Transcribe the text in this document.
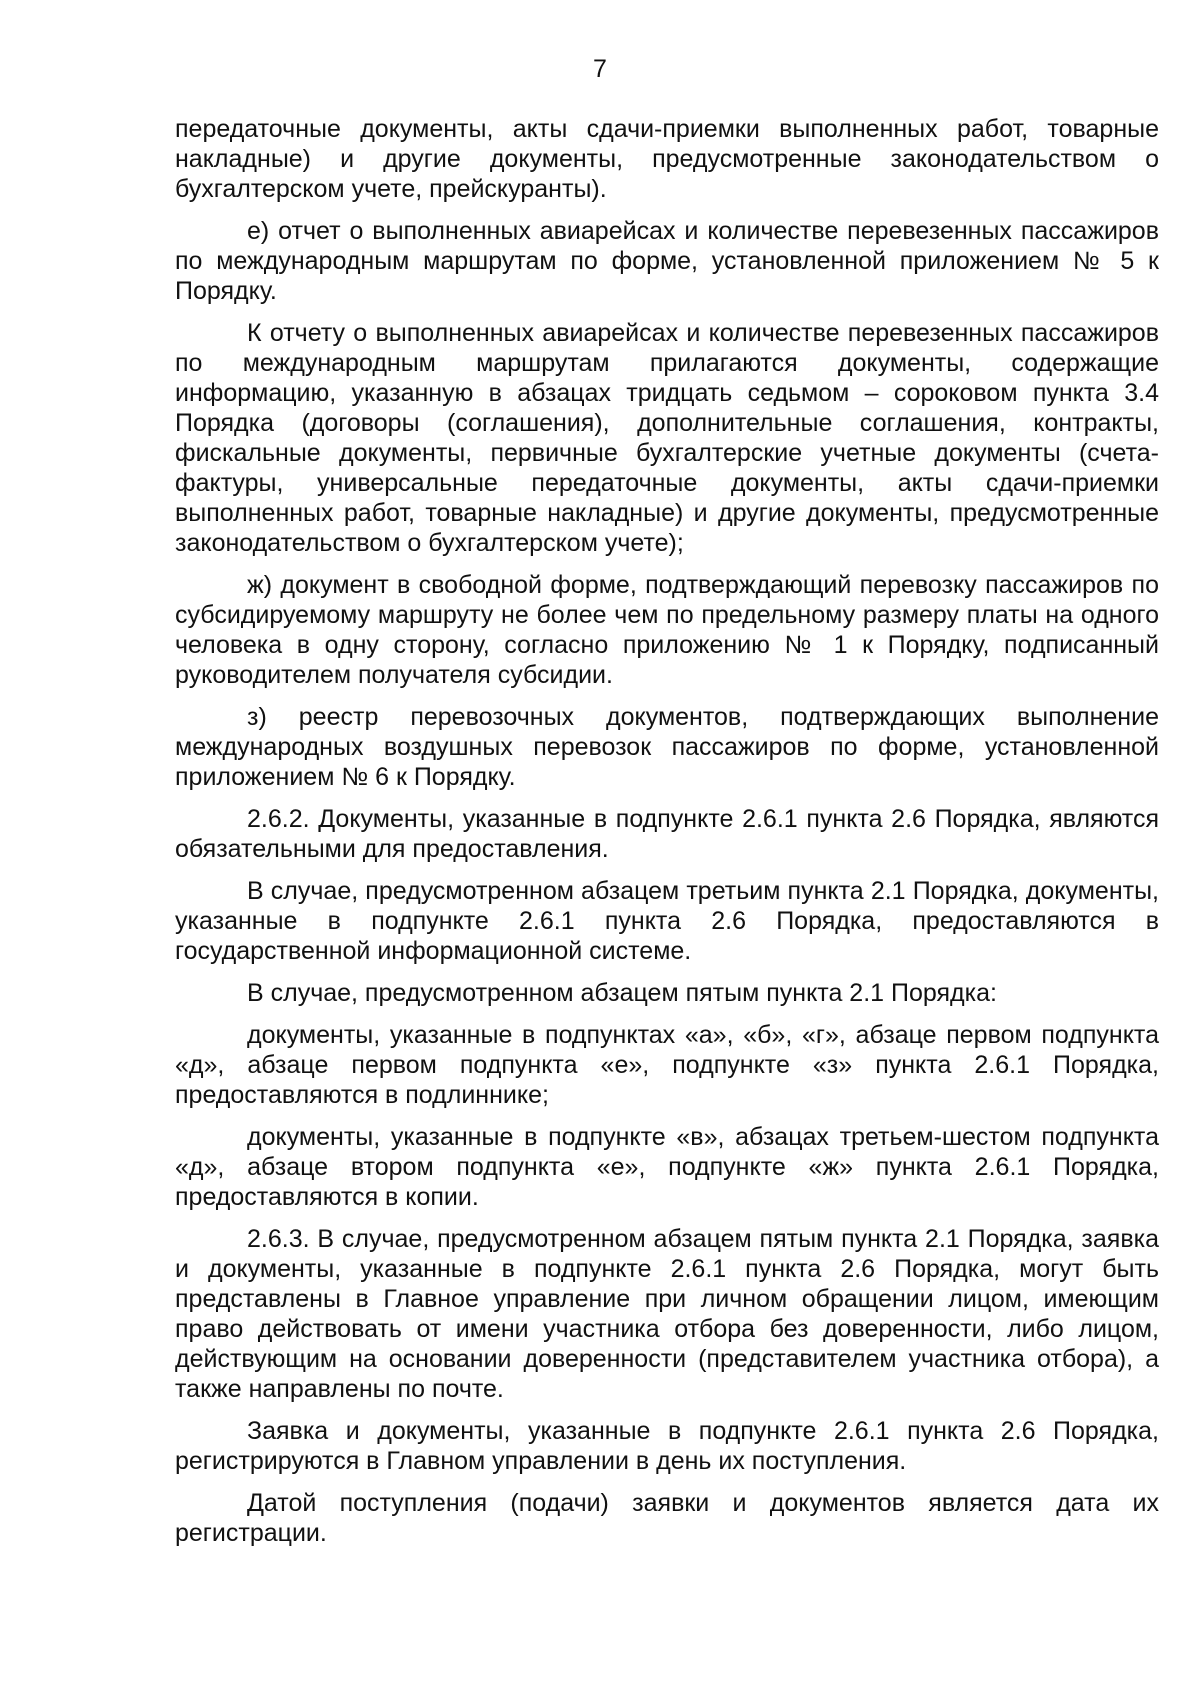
7

передаточные документы, акты сдачи-приемки выполненных работ, товарные накладные) и другие документы, предусмотренные законодательством о бухгалтерском учете, прейскуранты).

е) отчет о выполненных авиарейсах и количестве перевезенных пассажиров по международным маршрутам по форме, установленной приложением № 5 к Порядку.

К отчету о выполненных авиарейсах и количестве перевезенных пассажиров по международным маршрутам прилагаются документы, содержащие информацию, указанную в абзацах тридцать седьмом – сороковом пункта 3.4 Порядка (договоры (соглашения), дополнительные соглашения, контракты, фискальные документы, первичные бухгалтерские учетные документы (счета-фактуры, универсальные передаточные документы, акты сдачи-приемки выполненных работ, товарные накладные) и другие документы, предусмотренные законодательством о бухгалтерском учете);

ж) документ в свободной форме, подтверждающий перевозку пассажиров по субсидируемому маршруту не более чем по предельному размеру платы на одного человека в одну сторону, согласно приложению № 1 к Порядку, подписанный руководителем получателя субсидии.

з) реестр перевозочных документов, подтверждающих выполнение международных воздушных перевозок пассажиров по форме, установленной приложением № 6 к Порядку.

2.6.2. Документы, указанные в подпункте 2.6.1 пункта 2.6 Порядка, являются обязательными для предоставления.

В случае, предусмотренном абзацем третьим пункта 2.1 Порядка, документы, указанные в подпункте 2.6.1 пункта 2.6 Порядка, предоставляются в государственной информационной системе.

В случае, предусмотренном абзацем пятым пункта 2.1 Порядка:

документы, указанные в подпунктах «а», «б», «г», абзаце первом подпункта «д», абзаце первом подпункта «е», подпункте «з» пункта 2.6.1 Порядка, предоставляются в подлиннике;

документы, указанные в подпункте «в», абзацах третьем-шестом подпункта «д», абзаце втором подпункта «е», подпункте «ж» пункта 2.6.1 Порядка, предоставляются в копии.

2.6.3. В случае, предусмотренном абзацем пятым пункта 2.1 Порядка, заявка и документы, указанные в подпункте 2.6.1 пункта 2.6 Порядка, могут быть представлены в Главное управление при личном обращении лицом, имеющим право действовать от имени участника отбора без доверенности, либо лицом, действующим на основании доверенности (представителем участника отбора), а также направлены по почте.

Заявка и документы, указанные в подпункте 2.6.1 пункта 2.6 Порядка, регистрируются в Главном управлении в день их поступления.

Датой поступления (подачи) заявки и документов является дата их регистрации.
